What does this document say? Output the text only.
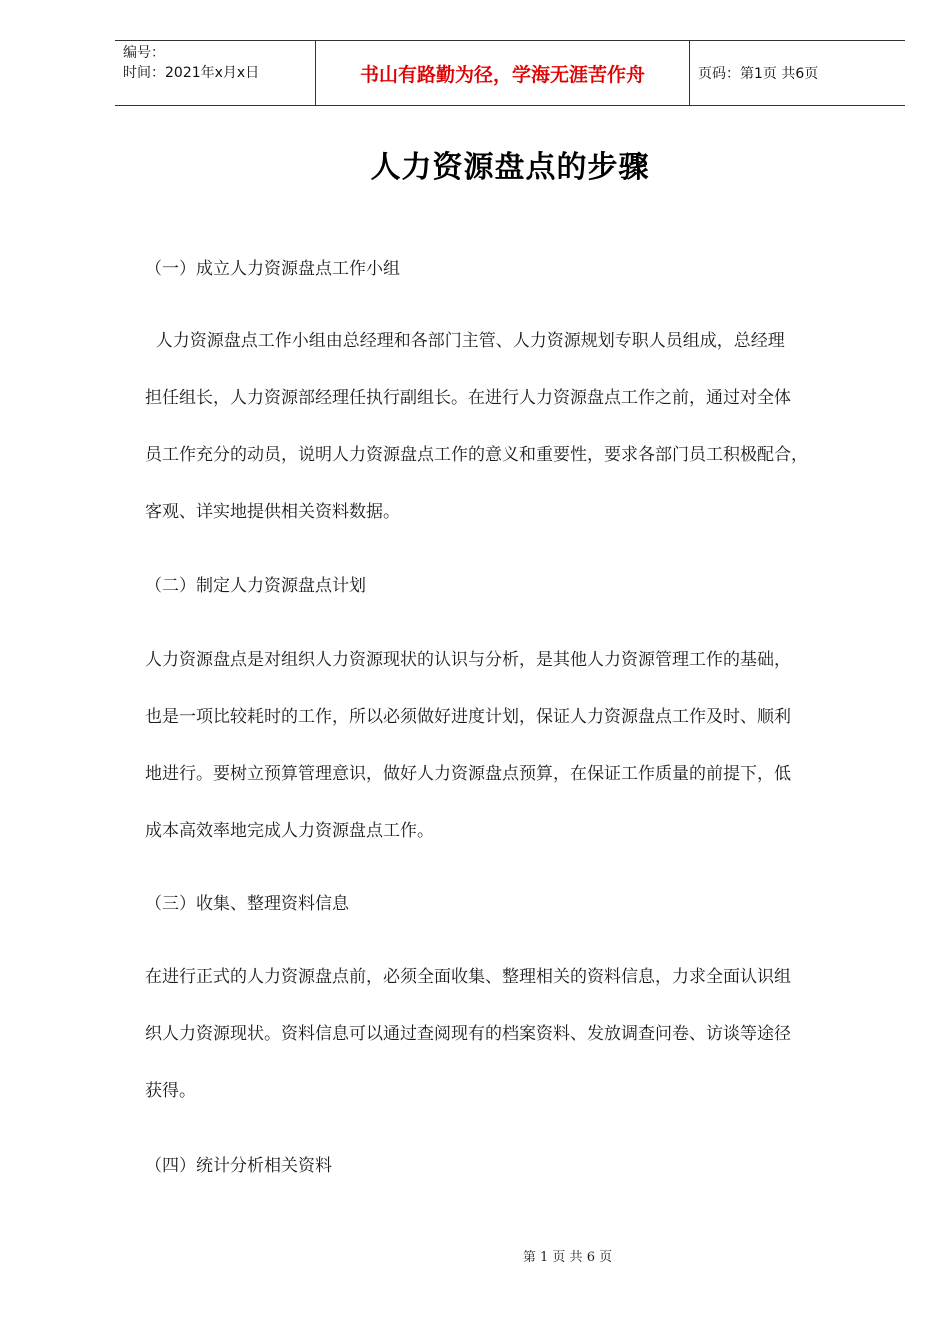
编号：
时间：2021年x月x日	书山有路勤为径，学海无涯苦作舟	页码：第1页 共6页
人力资源盘点的步骤
（一）成立人力资源盘点工作小组
人力资源盘点工作小组由总经理和各部门主管、人力资源规划专职人员组成，总经理
担任组长，人力资源部经理任执行副组长。在进行人力资源盘点工作之前，通过对全体
员工作充分的动员，说明人力资源盘点工作的意义和重要性，要求各部门员工积极配合，
客观、详实地提供相关资料数据。
（二）制定人力资源盘点计划
人力资源盘点是对组织人力资源现状的认识与分析，是其他人力资源管理工作的基础，
也是一项比较耗时的工作，所以必须做好进度计划，保证人力资源盘点工作及时、顺利
地进行。要树立预算管理意识，做好人力资源盘点预算，在保证工作质量的前提下，低
成本高效率地完成人力资源盘点工作。
（三）收集、整理资料信息
在进行正式的人力资源盘点前，必须全面收集、整理相关的资料信息，力求全面认识组
织人力资源现状。资料信息可以通过查阅现有的档案资料、发放调查问卷、访谈等途径
获得。
（四）统计分析相关资料
第 1 页 共 6 页
